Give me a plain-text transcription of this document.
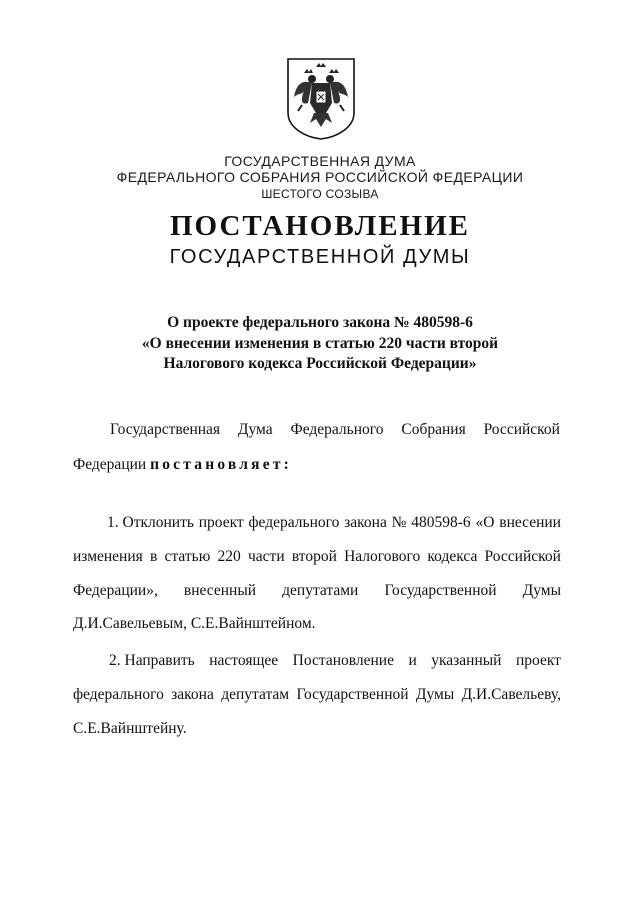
ГОСУДАРСТВЕННАЯ ДУМА
ФЕДЕРАЛЬНОГО СОБРАНИЯ РОССИЙСКОЙ ФЕДЕРАЦИИ
ШЕСТОГО СОЗЫВА
ПОСТАНОВЛЕНИЕ
ГОСУДАРСТВЕННОЙ ДУМЫ
О проекте федерального закона № 480598-6
«О внесении изменения в статью 220 части второй
Налогового кодекса Российской Федерации»
Государственная Дума Федерального Собрания Российской
Федерации постановляет:
1. Отклонить проект федерального закона № 480598-6 «О внесении
изменения в статью 220 части второй Налогового кодекса Российской
Федерации», внесенный депутатами Государственной Думы
Д.И.Савельевым, С.Е.Вайнштейном.
2. Направить настоящее Постановление и указанный проект
федерального закона депутатам Государственной Думы Д.И.Савельеву,
С.Е.Вайнштейну.
